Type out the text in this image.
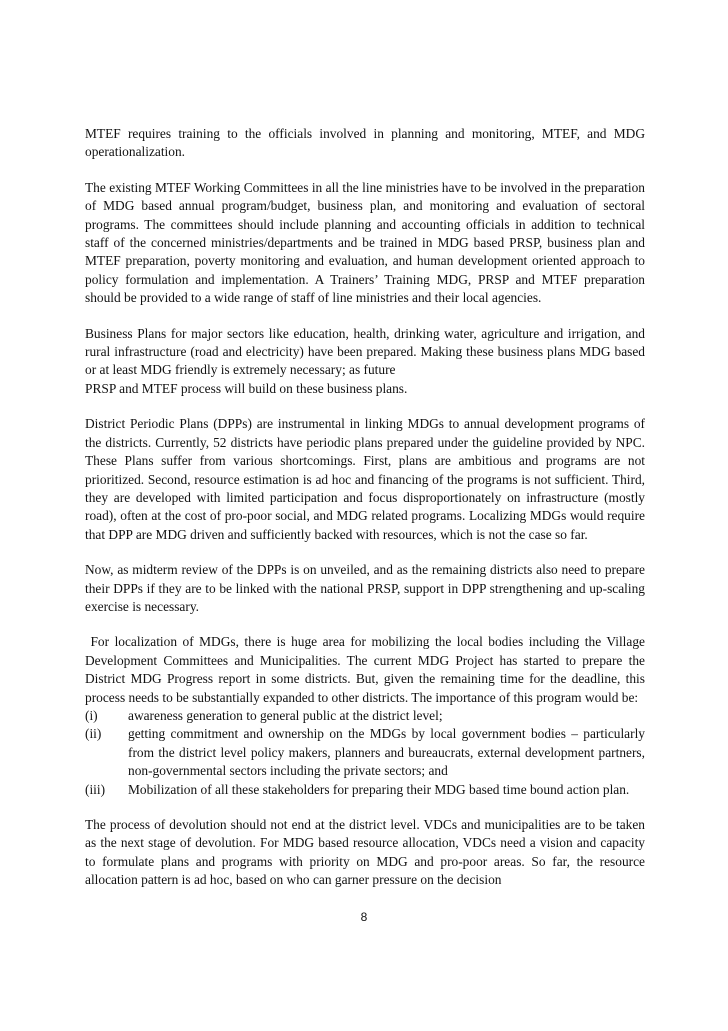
MTEF requires training to the officials involved in planning and monitoring, MTEF, and MDG operationalization.

The existing MTEF Working Committees in all the line ministries have to be involved in the preparation of MDG based annual program/budget, business plan, and monitoring and evaluation of sectoral programs. The committees should include planning and accounting officials in addition to technical staff of the concerned ministries/departments and be trained in MDG based PRSP, business plan and MTEF preparation, poverty monitoring and evaluation, and human development oriented approach to policy formulation and implementation. A Trainers’ Training MDG, PRSP and MTEF preparation should be provided to a wide range of staff of line ministries and their local agencies.

Business Plans for major sectors like education, health, drinking water, agriculture and irrigation, and rural infrastructure (road and electricity) have been prepared. Making these business plans MDG based or at least MDG friendly is extremely necessary; as future
PRSP and MTEF process will build on these business plans.

District Periodic Plans (DPPs) are instrumental in linking MDGs to annual development programs of the districts. Currently, 52 districts have periodic plans prepared under the guideline provided by NPC. These Plans suffer from various shortcomings. First, plans are ambitious and programs are not prioritized. Second, resource estimation is ad hoc and financing of the programs is not sufficient. Third, they are developed with limited participation and focus disproportionately on infrastructure (mostly road), often at the cost of pro-poor social, and MDG related programs. Localizing MDGs would require that DPP are MDG driven and sufficiently backed with resources, which is not the case so far.

Now, as midterm review of the DPPs is on unveiled, and as the remaining districts also need to prepare their DPPs if they are to be linked with the national PRSP, support in DPP strengthening and up-scaling exercise is necessary.

For localization of MDGs, there is huge area for mobilizing the local bodies including the Village Development Committees and Municipalities. The current MDG Project has started to prepare the District MDG Progress report in some districts. But, given the remaining time for the deadline, this process needs to be substantially expanded to other districts. The importance of this program would be:

(i)	awareness generation to general public at the district level;
(ii)	getting commitment and ownership on the MDGs by local government bodies – particularly from the district level policy makers, planners and bureaucrats, external development partners, non-governmental sectors including the private sectors; and
(iii)	Mobilization of all these stakeholders for preparing their MDG based time bound action plan.

The process of devolution should not end at the district level. VDCs and municipalities are to be taken as the next stage of devolution. For MDG based resource allocation, VDCs need a vision and capacity to formulate plans and programs with priority on MDG and pro-poor areas. So far, the resource allocation pattern is ad hoc, based on who can garner pressure on the decision

8
